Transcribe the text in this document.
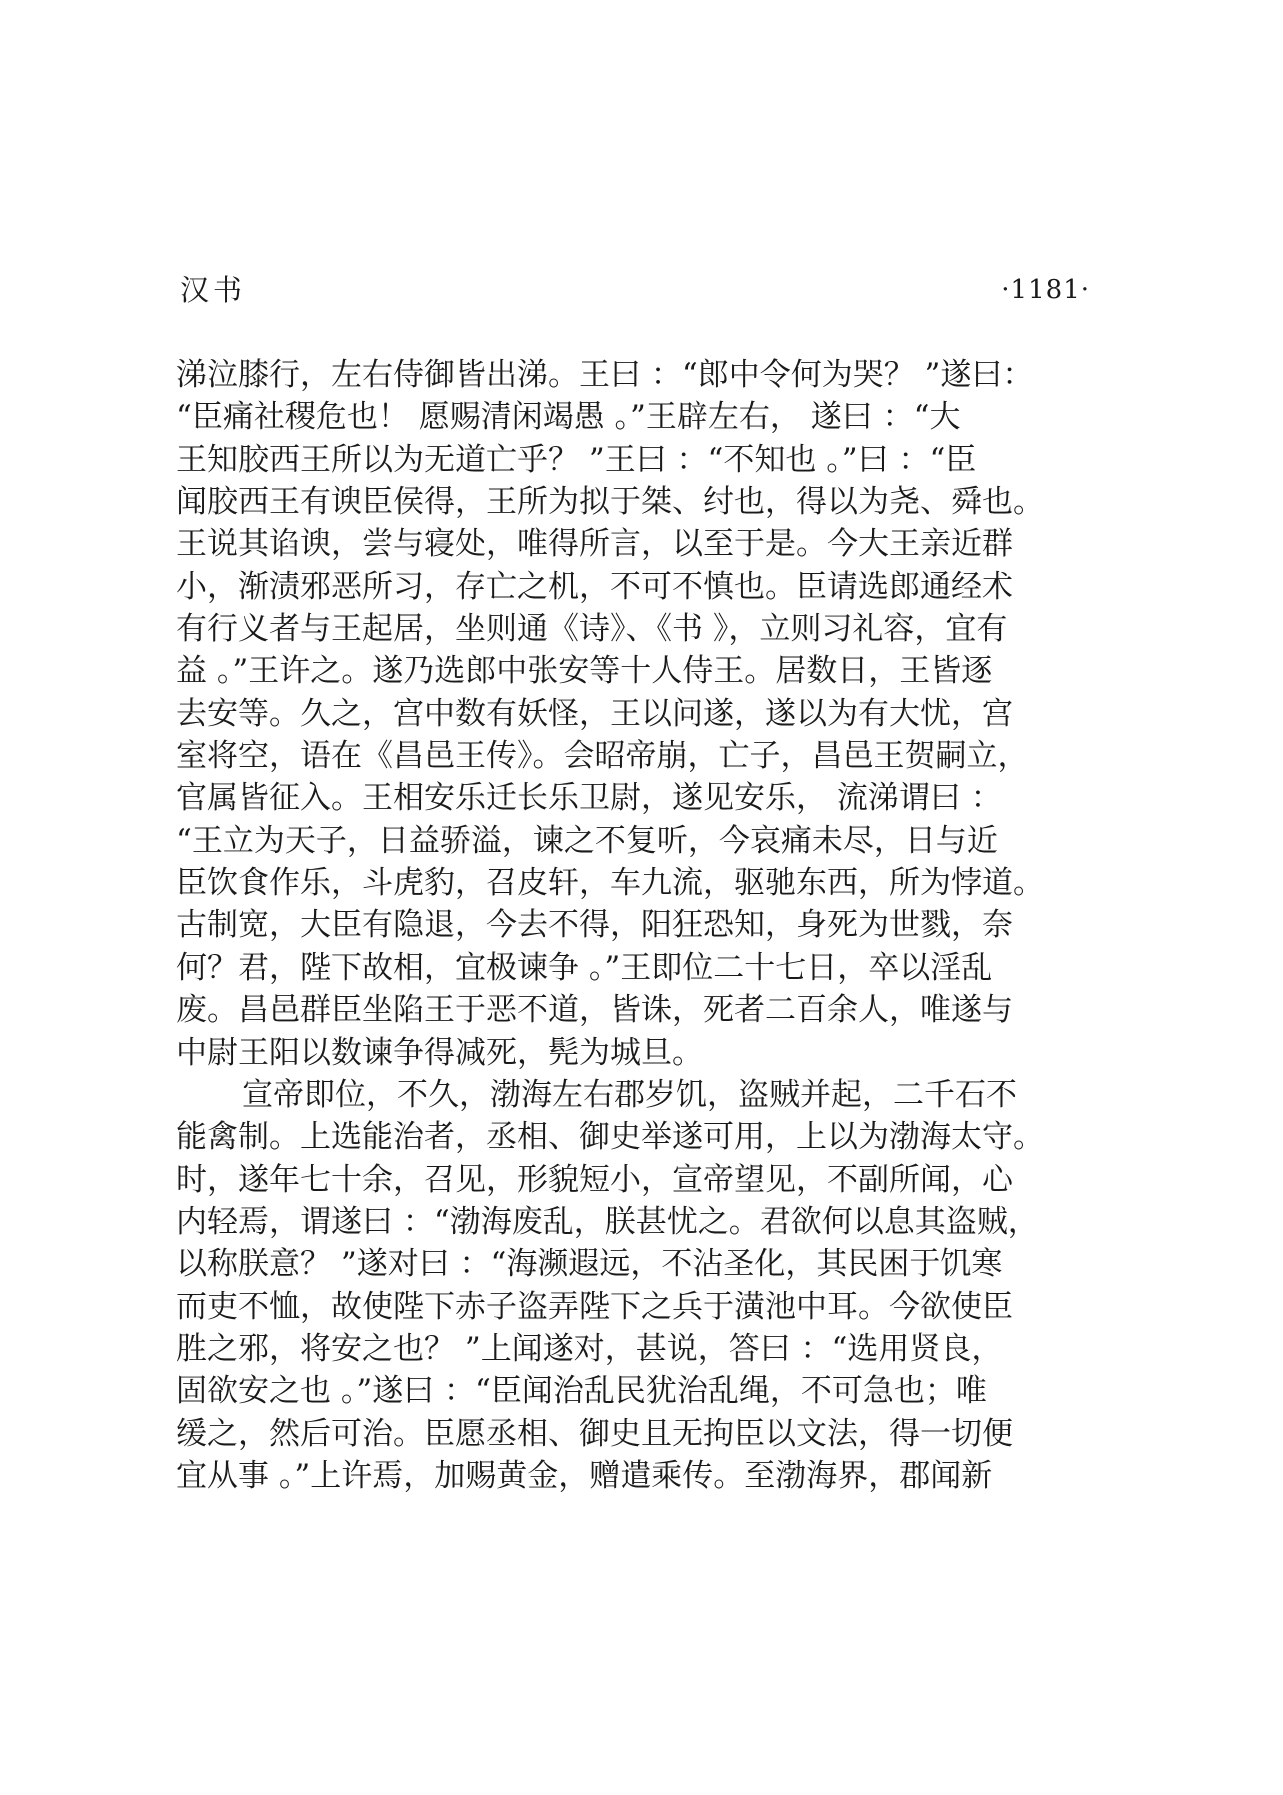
汉书	·1181·
涕泣膝行，左右侍御皆出涕。王曰 ：“郎中令何为哭？ ”遂曰：
“臣痛社稷危也！ 愿赐清闲竭愚 。”王辟左右， 遂曰 ：“大
王知胶西王所以为无道亡乎？ ”王曰 ：“不知也 。”曰 ：“臣
闻胶西王有谀臣侯得，王所为拟于桀、纣也，得以为尧、舜也。
王说其谄谀，尝与寝处，唯得所言，以至于是。今大王亲近群
小，渐渍邪恶所习，存亡之机，不可不慎也。臣请选郎通经术
有行义者与王起居，坐则通《诗》、《书 》，立则习礼容，宜有
益 。”王许之。遂乃选郎中张安等十人侍王。居数日，王皆逐
去安等。久之，宫中数有妖怪，王以问遂，遂以为有大忧，宫
室将空，语在《昌邑王传》。会昭帝崩，亡子，昌邑王贺嗣立，
官属皆征入。王相安乐迁长乐卫尉，遂见安乐， 流涕谓曰 ：
“王立为天子，日益骄溢，谏之不复听，今哀痛未尽，日与近
臣饮食作乐，斗虎豹，召皮轩，车九流，驱驰东西，所为悖道。
古制宽，大臣有隐退，今去不得，阳狂恐知，身死为世戮，奈
何？君，陛下故相，宜极谏争 。”王即位二十七日，卒以淫乱
废。昌邑群臣坐陷王于恶不道，皆诛，死者二百余人，唯遂与
中尉王阳以数谏争得减死，髡为城旦。
宣帝即位，不久，渤海左右郡岁饥，盗贼并起，二千石不
能禽制。上选能治者，丞相、御史举遂可用，上以为渤海太守。
时，遂年七十余，召见，形貌短小，宣帝望见，不副所闻，心
内轻焉，谓遂曰 ：“渤海废乱，朕甚忧之。君欲何以息其盗贼，
以称朕意？ ”遂对曰 ：“海濒遐远，不沾圣化，其民困于饥寒
而吏不恤，故使陛下赤子盗弄陛下之兵于潢池中耳。今欲使臣
胜之邪，将安之也？ ”上闻遂对，甚说，答曰 ：“选用贤良，
固欲安之也 。”遂曰 ：“臣闻治乱民犹治乱绳，不可急也；唯
缓之，然后可治。臣愿丞相、御史且无拘臣以文法，得一切便
宜从事 。”上许焉，加赐黄金，赠遣乘传。至渤海界，郡闻新
